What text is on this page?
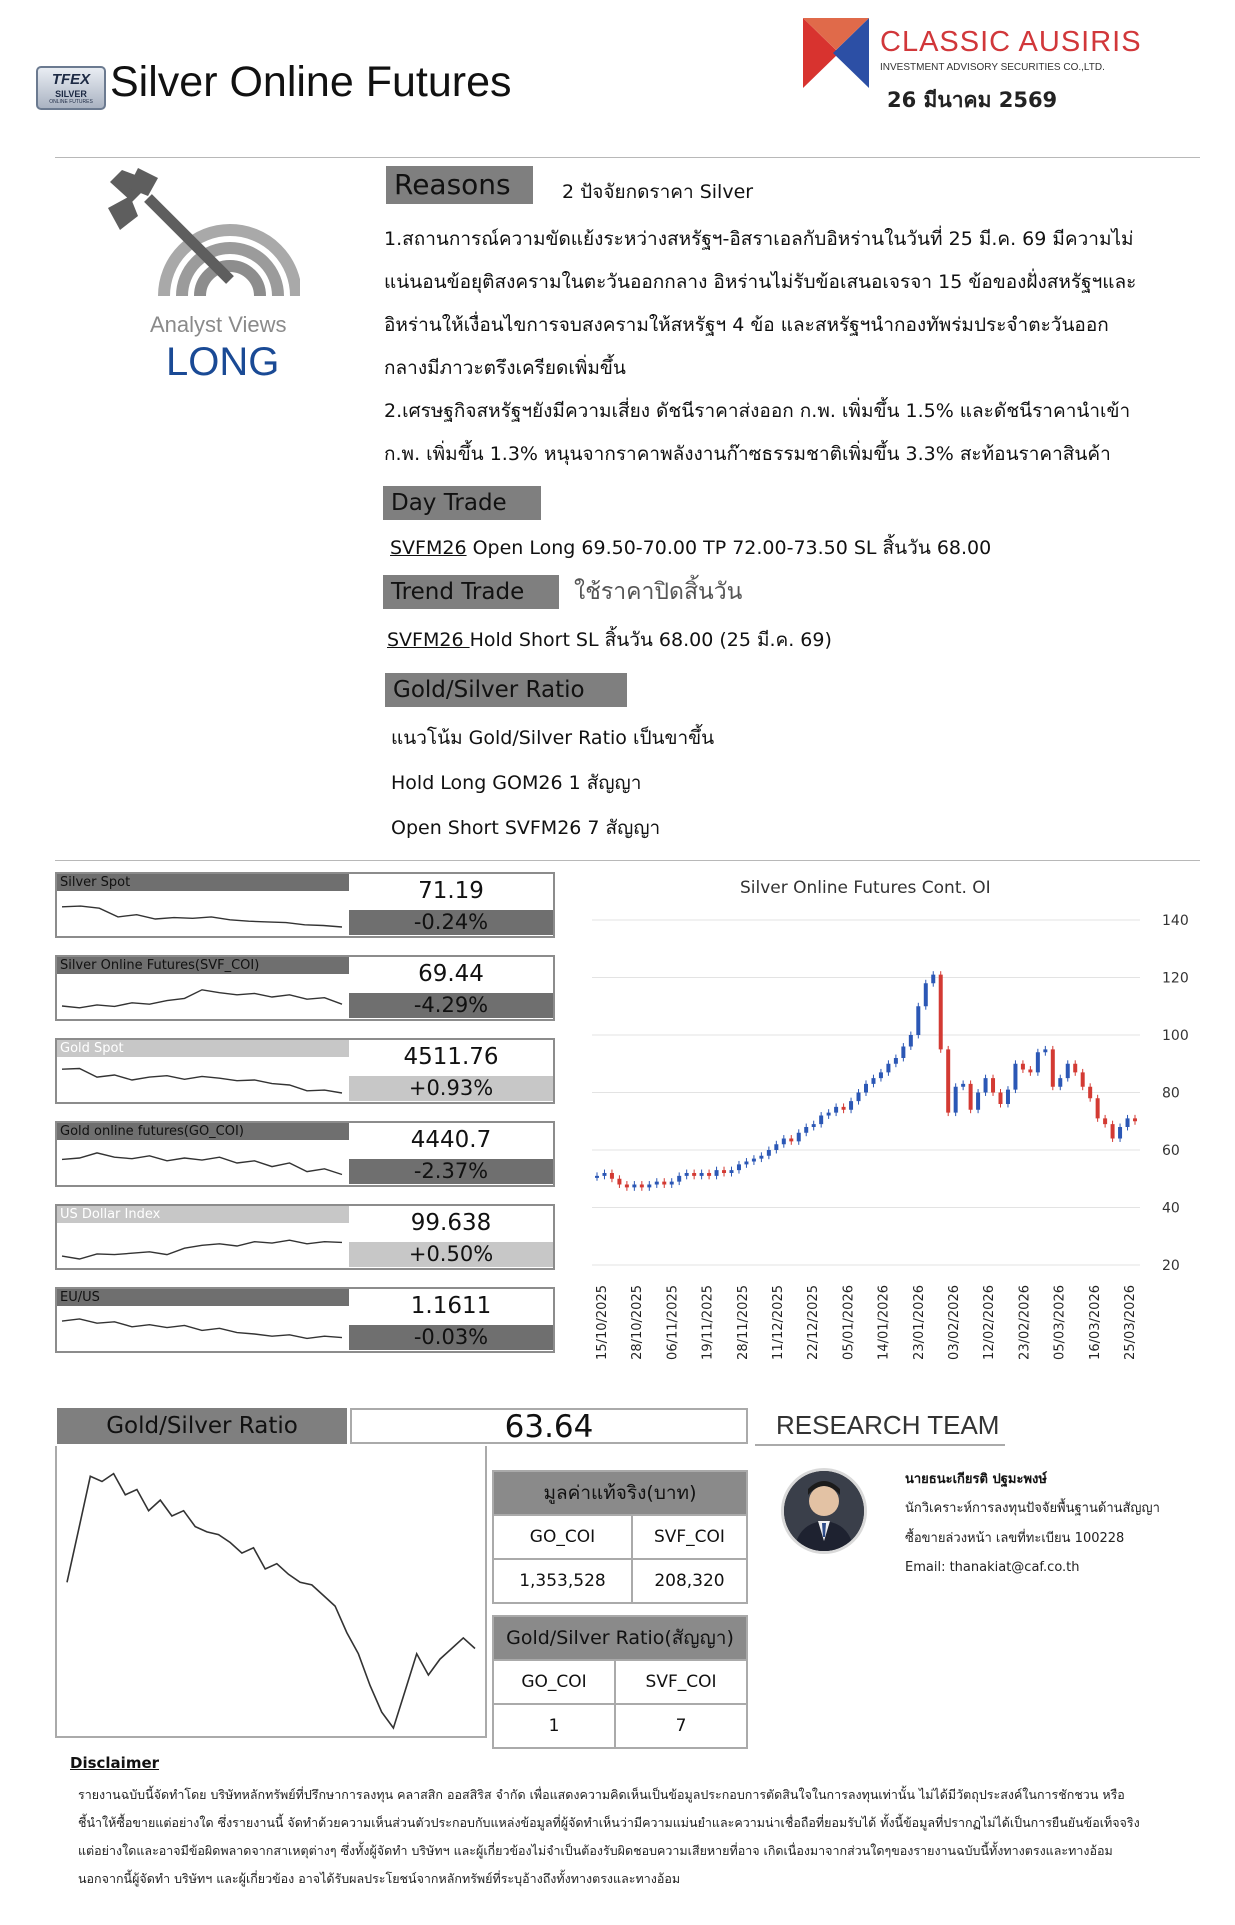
TFEX
SILVER
ONLINE FUTURES Silver Online Futures
CLASSIC AUSIRIS
INVESTMENT ADVISORY SECURITIES CO.,LTD.
26 มีนาคม 2569
Analyst Views
LONG
Reasons	2 ปัจจัยกดราคา Silver
1.สถานการณ์ความขัดแย้งระหว่างสหรัฐฯ-อิสราเอลกับอิหร่านในวันที่ 25 มี.ค. 69 มีความไม่
แน่นอนข้อยุติสงครามในตะวันออกกลาง อิหร่านไม่รับข้อเสนอเจรจา 15 ข้อของฝั่งสหรัฐฯและ
อิหร่านให้เงื่อนไขการจบสงครามให้สหรัฐฯ 4 ข้อ และสหรัฐฯนำกองทัพร่มประจำตะวันออก
กลางมีภาวะตรึงเครียดเพิ่มขึ้น
2.เศรษฐกิจสหรัฐฯยังมีความเสี่ยง ดัชนีราคาส่งออก ก.พ. เพิ่มขึ้น 1.5% และดัชนีราคานำเข้า
ก.พ. เพิ่มขึ้น 1.3% หนุนจากราคาพลังงานก๊าซธรรมชาติเพิ่มขึ้น 3.3% สะท้อนราคาสินค้า
Day Trade
SVFM26 Open Long 69.50-70.00 TP 72.00-73.50 SL สิ้นวัน 68.00
Trend Trade	ใช้ราคาปิดสิ้นวัน
SVFM26 Hold Short SL สิ้นวัน 68.00 (25 มี.ค. 69)
Gold/Silver Ratio
แนวโน้ม Gold/Silver Ratio เป็นขาขึ้น
Hold Long GOM26 1 สัญญา
Open Short SVFM26 7 สัญญา
Silver Spot	71.19
-0.24%
Silver Online Futures(SVF_COI)	69.44
-4.29%
Gold Spot	4511.76
+0.93%
Gold online futures(GO_COI)	4440.7
-2.37%
US Dollar Index	99.638
+0.50%
EU/US	1.1611
-0.03%
Silver Online Futures Cont. OI
20
40
60
80
100
120
140
15/10/2025 28/10/2025 06/11/2025 19/11/2025 28/11/2025 11/12/2025 22/12/2025 05/01/2026 14/01/2026 23/01/2026 03/02/2026 12/02/2026 23/02/2026 05/03/2026 16/03/2026 25/03/2026
Gold/Silver Ratio	63.64
มูลค่าแท้จริง(บาท)	
GO_COI	SVF_COI
1,353,528	208,320
Gold/Silver Ratio(สัญญา)	
GO_COI	SVF_COI
1	7
RESEARCH TEAM
นายธนะเกียรติ ปฐมะพงษ์
นักวิเคราะห์การลงทุนปัจจัยพื้นฐานด้านสัญญา
ซื้อขายล่วงหน้า เลขที่ทะเบียน 100228
Email: thanakiat@caf.co.th
Disclaimer
รายงานฉบับนี้จัดทำโดย บริษัทหลักทรัพย์ที่ปรึกษาการลงทุน คลาสสิก ออสสิริส จำกัด เพื่อแสดงความคิดเห็นเป็นข้อมูลประกอบการตัดสินใจในการลงทุนเท่านั้น ไม่ได้มีวัตถุประสงค์ในการชักชวน หรือ
ชี้นำให้ซื้อขายแต่อย่างใด ซึ่งรายงานนี้ จัดทำด้วยความเห็นส่วนตัวประกอบกับแหล่งข้อมูลที่ผู้จัดทำเห็นว่ามีความแม่นยำและความน่าเชื่อถือที่ยอมรับได้ ทั้งนี้ข้อมูลที่ปรากฏไม่ได้เป็นการยืนยันข้อเท็จจริง
แต่อย่างใดและอาจมีข้อผิดพลาดจากสาเหตุต่างๆ ซึ่งทั้งผู้จัดทำ บริษัทฯ และผู้เกี่ยวข้องไม่จำเป็นต้องรับผิดชอบความเสียหายที่อาจ เกิดเนื่องมาจากส่วนใดๆของรายงานฉบับนี้ทั้งทางตรงและทางอ้อม
นอกจากนี้ผู้จัดทำ บริษัทฯ และผู้เกี่ยวข้อง อาจได้รับผลประโยชน์จากหลักทรัพย์ที่ระบุอ้างถึงทั้งทางตรงและทางอ้อม
